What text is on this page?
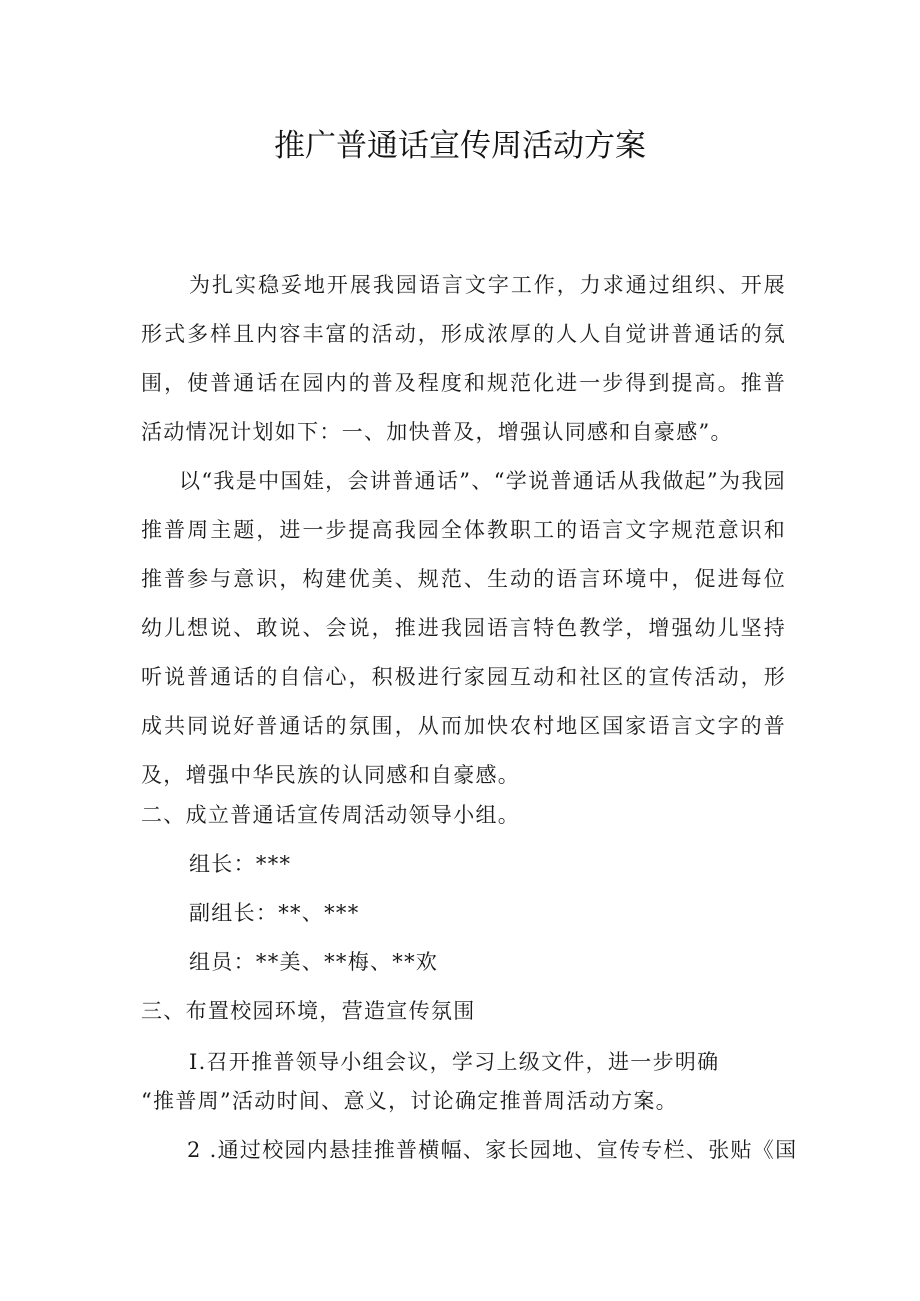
推广普通话宣传周活动方案
为扎实稳妥地开展我园语言文字工作，力求通过组织、开展形式多样且内容丰富的活动，形成浓厚的人人自觉讲普通话的氛围，使普通话在园内的普及程度和规范化进一步得到提高。推普活动情况计划如下：一、加快普及，增强认同感和自豪感”。
以“我是中国娃，会讲普通话”、“学说普通话从我做起”为我园推普周主题，进一步提高我园全体教职工的语言文字规范意识和推普参与意识，构建优美、规范、生动的语言环境中，促进每位幼儿想说、敢说、会说，推进我园语言特色教学，增强幼儿坚持听说普通话的自信心，积极进行家园互动和社区的宣传活动，形成共同说好普通话的氛围，从而加快农村地区国家语言文字的普及，增强中华民族的认同感和自豪感。
二、成立普通话宣传周活动领导小组。
组长：***
副组长：**、***
组员：**美、**梅、**欢
三、布置校园环境，营造宣传氛围
I.召开推普领导小组会议，学习上级文件，进一步明确
“推普周”活动时间、意义，讨论确定推普周活动方案。
2 .通过校园内悬挂推普横幅、家长园地、宣传专栏、张贴《国
